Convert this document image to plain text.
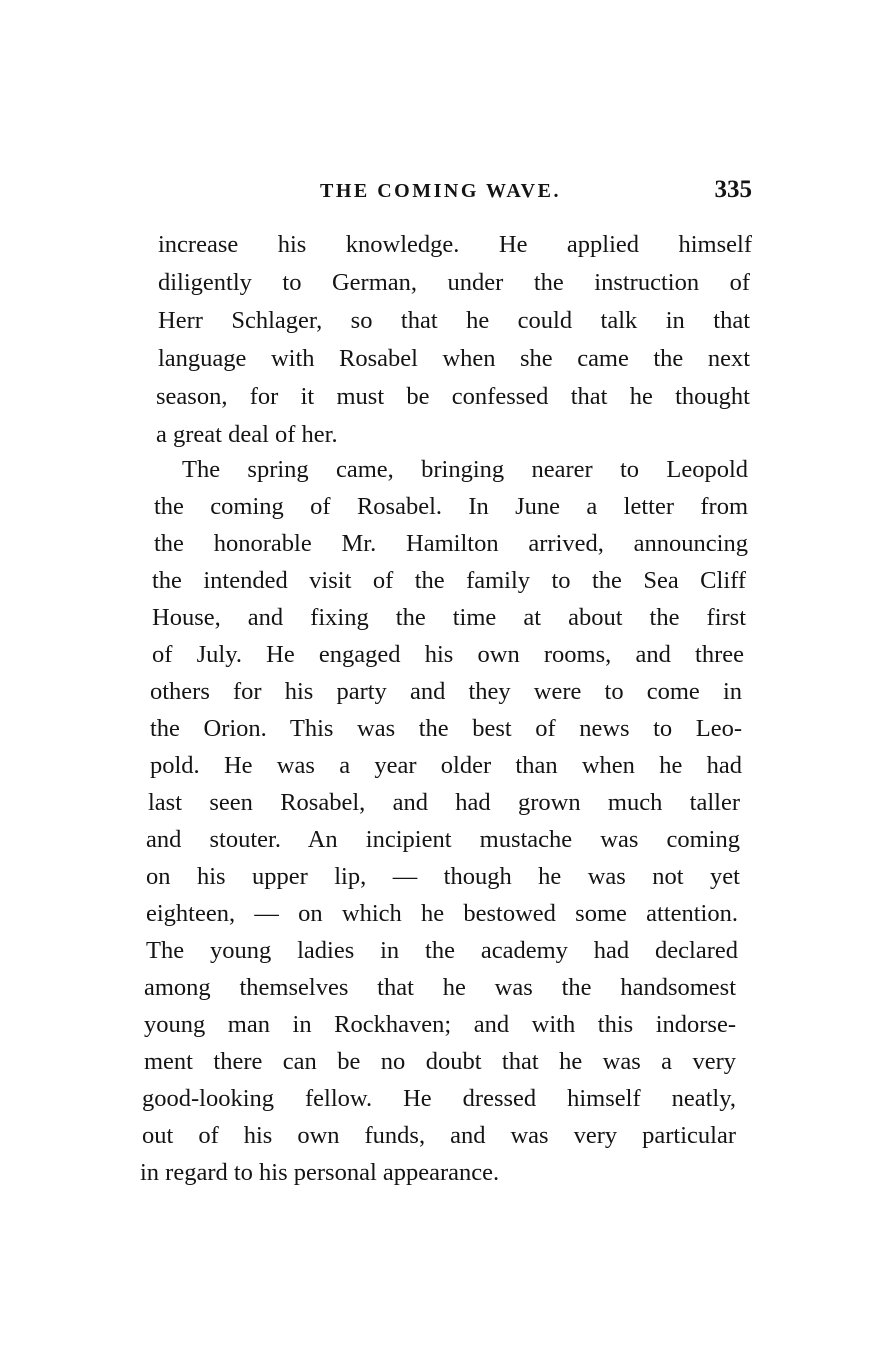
THE COMING WAVE.	335
increase his knowledge. He applied himself
diligently to German, under the instruction of
Herr Schlager, so that he could talk in that
language with Rosabel when she came the next
season, for it must be confessed that he thought
a great deal of her.
The spring came, bringing nearer to Leopold
the coming of Rosabel. In June a letter from
the honorable Mr. Hamilton arrived, announcing
the intended visit of the family to the Sea Cliff
House, and fixing the time at about the first
of July. He engaged his own rooms, and three
others for his party and they were to come in
the Orion. This was the best of news to Leo-
pold. He was a year older than when he had
last seen Rosabel, and had grown much taller
and stouter. An incipient mustache was coming
on his upper lip, — though he was not yet
eighteen, — on which he bestowed some attention.
The young ladies in the academy had declared
among themselves that he was the handsomest
young man in Rockhaven; and with this indorse-
ment there can be no doubt that he was a very
good-looking fellow. He dressed himself neatly,
out of his own funds, and was very particular
in regard to his personal appearance.
